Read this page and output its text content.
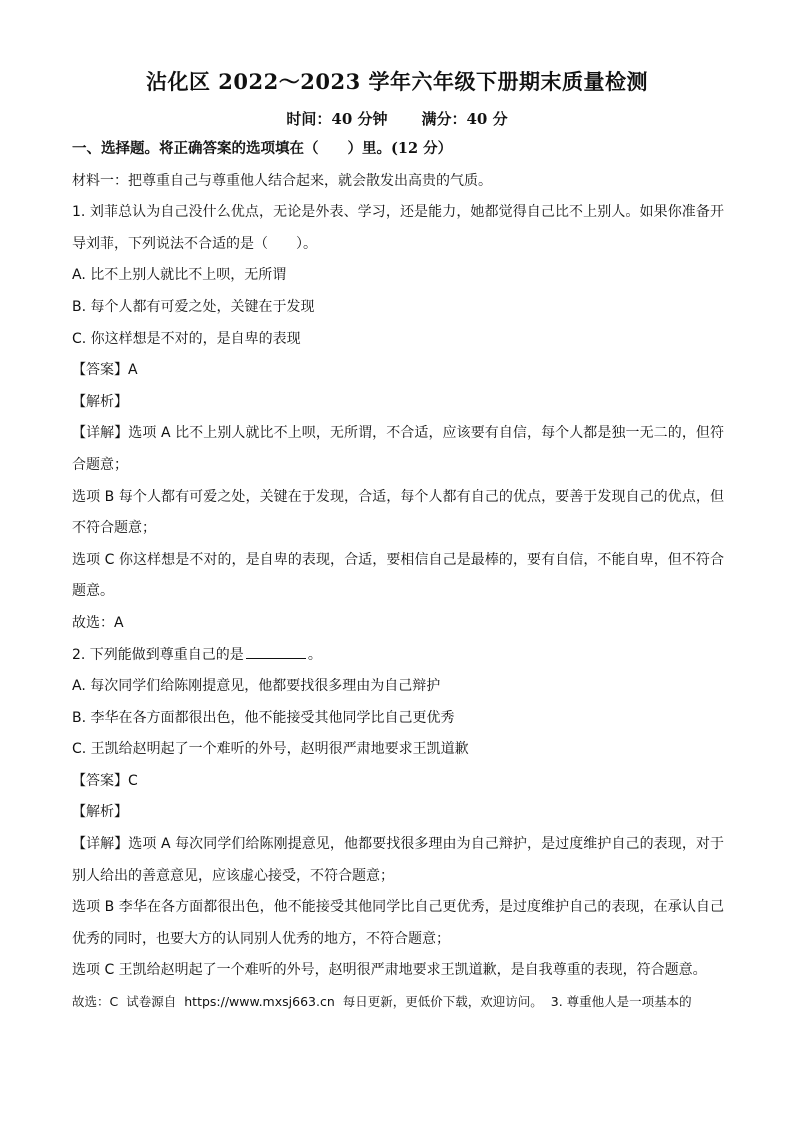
沾化区 2022～2023 学年六年级下册期末质量检测
时间：40 分钟 满分：40 分
一、选择题。将正确答案的选项填在（　　）里。(12 分）
材料一：把尊重自己与尊重他人结合起来，就会散发出高贵的气质。
1. 刘菲总认为自己没什么优点，无论是外表、学习，还是能力，她都觉得自己比不上别人。如果你准备开
导刘菲，下列说法不合适的是（　　）。
A. 比不上别人就比不上呗，无所谓
B. 每个人都有可爱之处，关键在于发现
C. 你这样想是不对的，是自卑的表现
【答案】A
【解析】
【详解】选项 A 比不上别人就比不上呗，无所谓，不合适，应该要有自信，每个人都是独一无二的，但符
合题意；
选项 B 每个人都有可爱之处，关键在于发现，合适，每个人都有自己的优点，要善于发现自己的优点，但
不符合题意；
选项 C 你这样想是不对的，是自卑的表现，合适，要相信自己是最棒的，要有自信，不能自卑，但不符合
题意。
故选：A
2. 下列能做到尊重自己的是	。
A. 每次同学们给陈刚提意见，他都要找很多理由为自己辩护
B. 李华在各方面都很出色，他不能接受其他同学比自己更优秀
C. 王凯给赵明起了一个难听的外号，赵明很严肃地要求王凯道歉
【答案】C
【解析】
【详解】选项 A 每次同学们给陈刚提意见，他都要找很多理由为自己辩护，是过度维护自己的表现，对于
别人给出的善意意见，应该虚心接受，不符合题意；
选项 B 李华在各方面都很出色，他不能接受其他同学比自己更优秀，是过度维护自己的表现，在承认自己
优秀的同时，也要大方的认同别人优秀的地方，不符合题意；
选项 C 王凯给赵明起了一个难听的外号，赵明很严肃地要求王凯道歉，是自我尊重的表现，符合题意。
故选：C 试卷源自 https://www.mxsj663.cn 每日更新，更低价下载，欢迎访问。 3. 尊重他人是一项基本的
